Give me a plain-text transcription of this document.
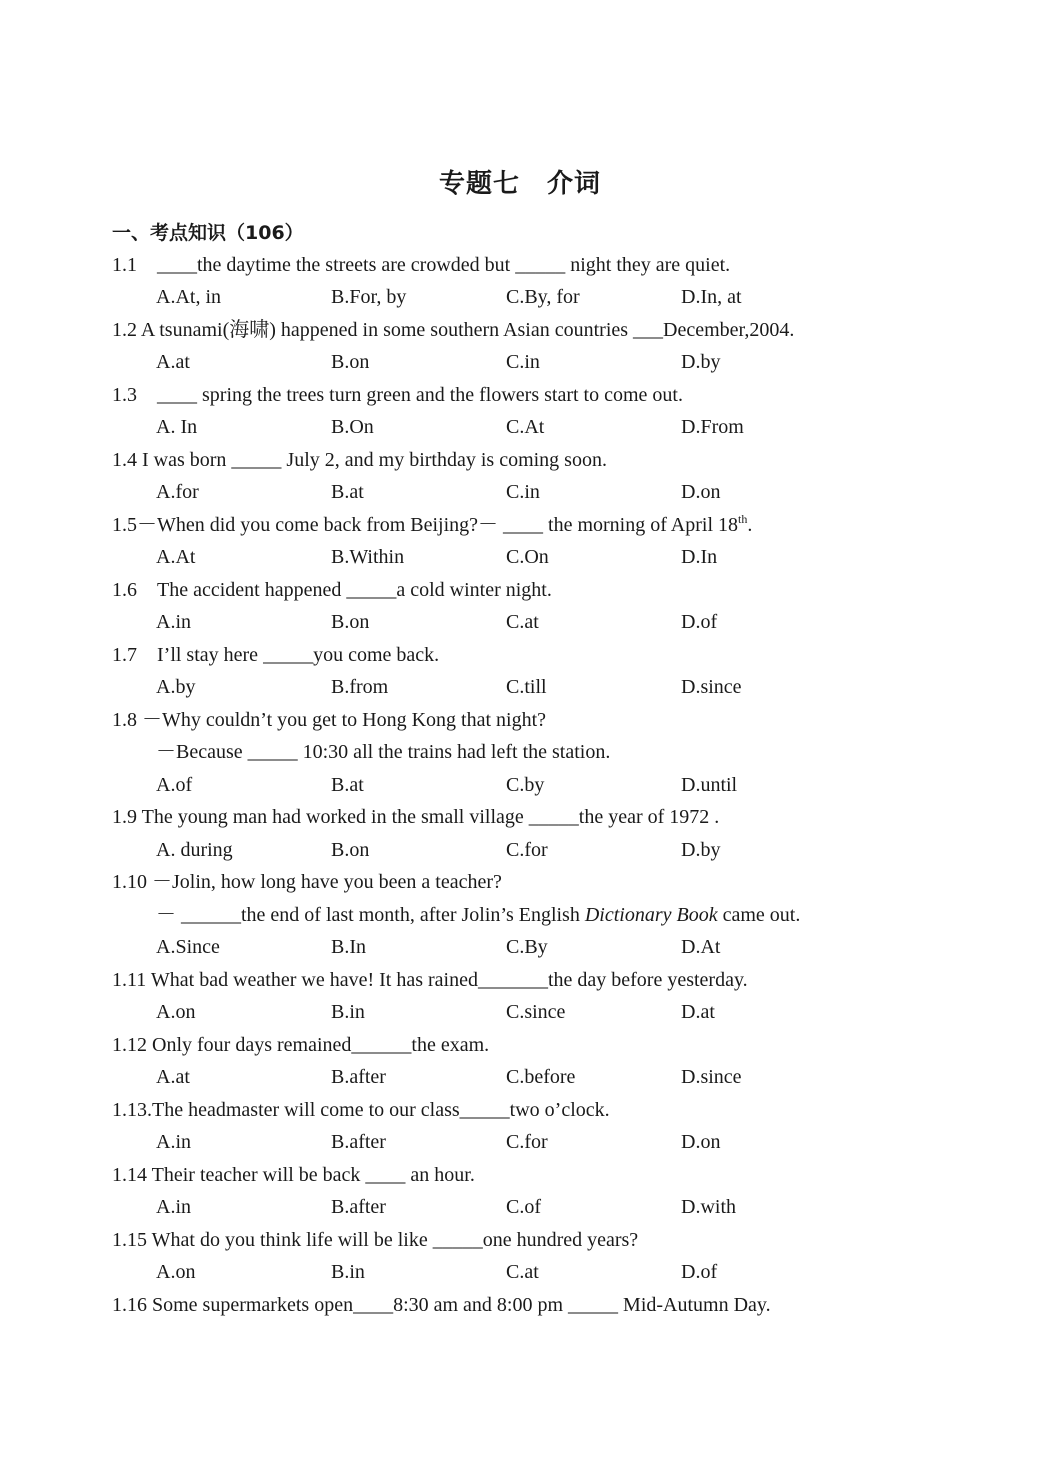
专题七　介词
一、考点知识（106）
1.1　____the daytime the streets are crowded but _____ night they are quiet.
A.At, in	B.For, by	C.By, for	D.In, at
1.2 A tsunami(海啸) happened in some southern Asian countries ___December,2004.
A.at	B.on	C.in	D.by
1.3　____ spring the trees turn green and the flowers start to come out.
A. In	B.On	C.At	D.From
1.4 I was born _____ July 2, and my birthday is coming soon.
A.for	B.at	C.in	D.on
1.5－When did you come back from Beijing?－ ____ the morning of April 18th.
A.At	B.Within	C.On	D.In
1.6　The accident happened _____a cold winter night.
A.in	B.on	C.at	D.of
1.7　I’ll stay here _____you come back.
A.by	B.from	C.till	D.since
1.8 －Why couldn’t you get to Hong Kong that night?
－Because _____ 10:30 all the trains had left the station.
A.of	B.at	C.by	D.until
1.9 The young man had worked in the small village _____the year of 1972 .
A. during	B.on	C.for	D.by
1.10 －Jolin, how long have you been a teacher?
－ ______the end of last month, after Jolin’s English Dictionary Book came out.
A.Since	B.In	C.By	D.At
1.11 What bad weather we have! It has rained_______the day before yesterday.
A.on	B.in	C.since	D.at
1.12 Only four days remained______the exam.
A.at	B.after	C.before	D.since
1.13.The headmaster will come to our class_____two o’clock.
A.in	B.after	C.for	D.on
1.14 Their teacher will be back ____ an hour.
A.in	B.after	C.of	D.with
1.15 What do you think life will be like _____one hundred years?
A.on	B.in	C.at	D.of
1.16 Some supermarkets open____8:30 am and 8:00 pm _____ Mid-Autumn Day.
